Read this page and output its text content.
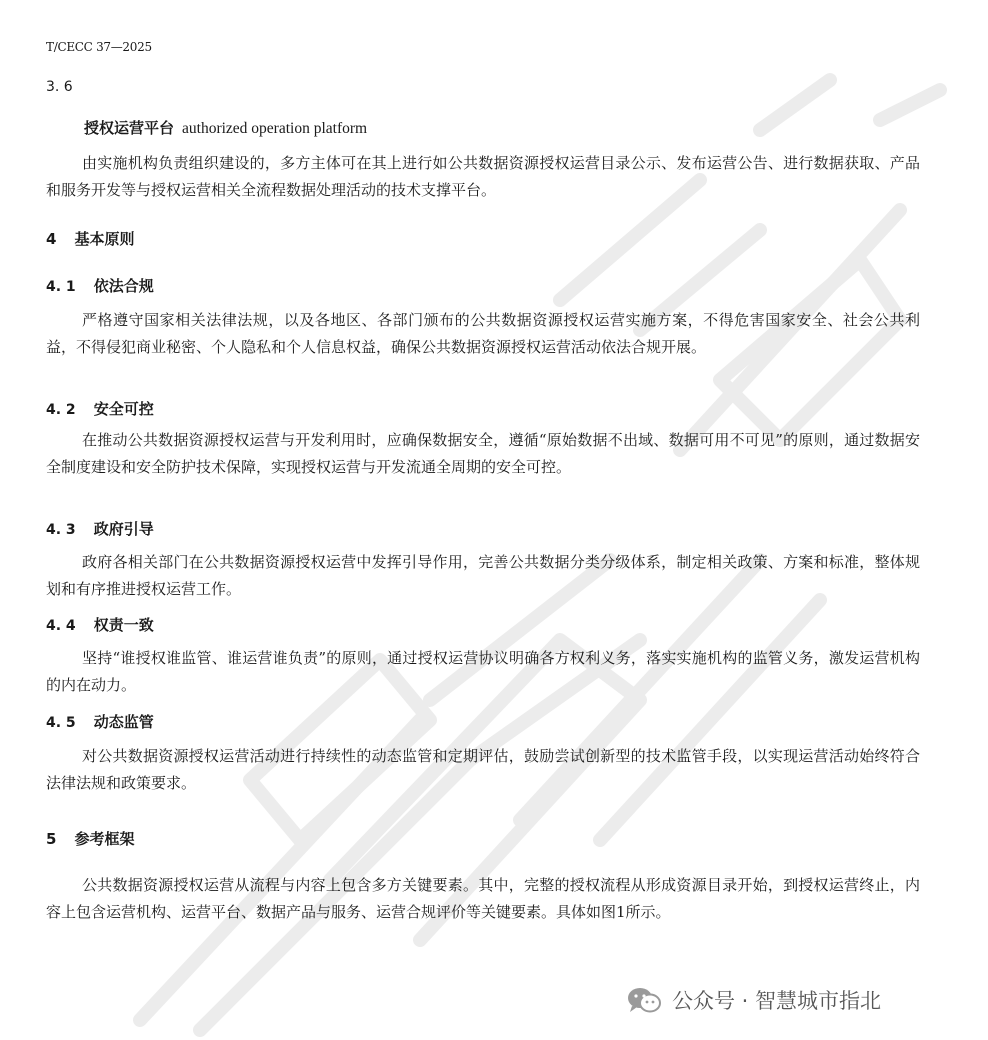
T/CECC 37—2025
3. 6
授权运营平台 authorized operation platform

由实施机构负责组织建设的，多方主体可在其上进行如公共数据资源授权运营目录公示、发布运营公告、进行数据获取、产品和服务开发等与授权运营相关全流程数据处理活动的技术支撑平台。

4 基本原则
4. 1 依法合规

严格遵守国家相关法律法规，以及各地区、各部门颁布的公共数据资源授权运营实施方案，不得危害国家安全、社会公共利益，不得侵犯商业秘密、个人隐私和个人信息权益，确保公共数据资源授权运营活动依法合规开展。

4. 2 安全可控

在推动公共数据资源授权运营与开发利用时，应确保数据安全，遵循“原始数据不出域、数据可用不可见”的原则，通过数据安全制度建设和安全防护技术保障，实现授权运营与开发流通全周期的安全可控。

4. 3 政府引导

政府各相关部门在公共数据资源授权运营中发挥引导作用，完善公共数据分类分级体系，制定相关政策、方案和标准，整体规划和有序推进授权运营工作。

4. 4 权责一致

坚持“谁授权谁监管、谁运营谁负责”的原则，通过授权运营协议明确各方权利义务，落实实施机构的监管义务，激发运营机构的内在动力。

4. 5 动态监管

对公共数据资源授权运营活动进行持续性的动态监管和定期评估，鼓励尝试创新型的技术监管手段，以实现运营活动始终符合法律法规和政策要求。

5 参考框架

公共数据资源授权运营从流程与内容上包含多方关键要素。其中，完整的授权流程从形成资源目录开始，到授权运营终止，内容上包含运营机构、运营平台、数据产品与服务、运营合规评价等关键要素。具体如图1所示。

公众号 · 智慧城市指北
